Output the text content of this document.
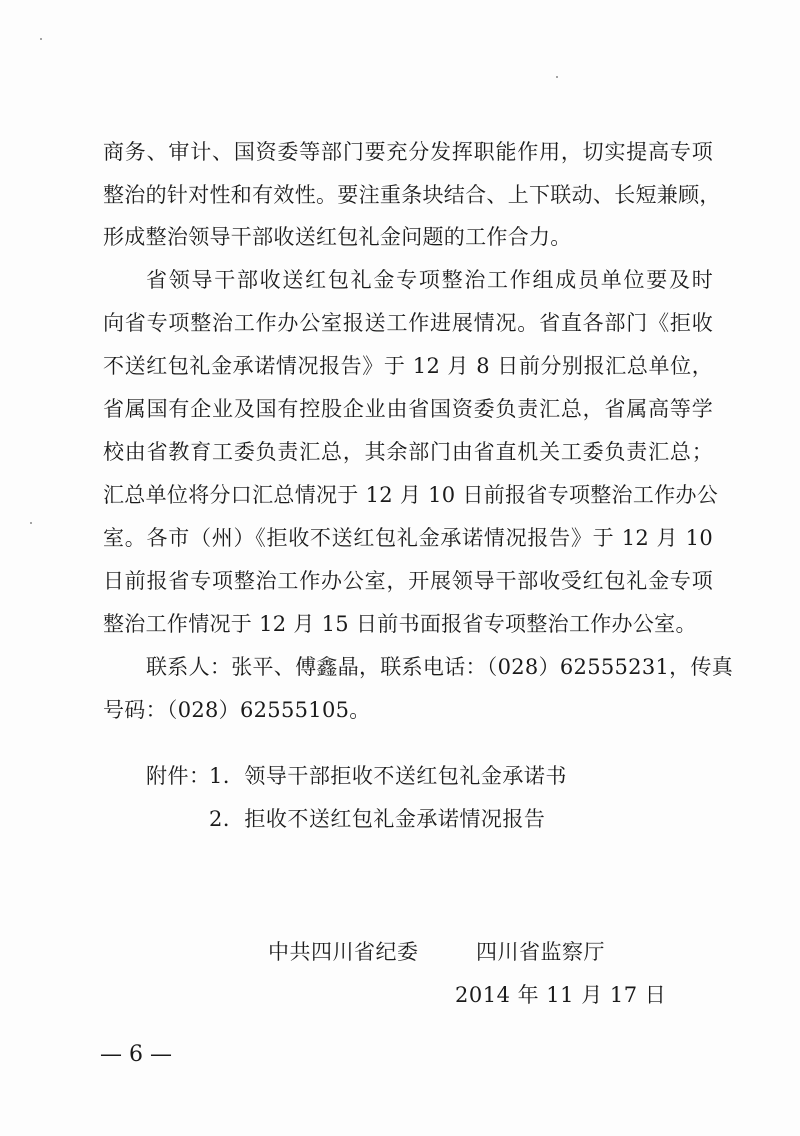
商务、审计、国资委等部门要充分发挥职能作用，切实提高专项
整治的针对性和有效性。要注重条块结合、上下联动、长短兼顾，
形成整治领导干部收送红包礼金问题的工作合力。
省领导干部收送红包礼金专项整治工作组成员单位要及时
向省专项整治工作办公室报送工作进展情况。省直各部门《拒收
不送红包礼金承诺情况报告》于 12 月 8 日前分别报汇总单位，
省属国有企业及国有控股企业由省国资委负责汇总，省属高等学
校由省教育工委负责汇总，其余部门由省直机关工委负责汇总；
汇总单位将分口汇总情况于 12 月 10 日前报省专项整治工作办公
室。各市（州）《拒收不送红包礼金承诺情况报告》于 12 月 10
日前报省专项整治工作办公室，开展领导干部收受红包礼金专项
整治工作情况于 12 月 15 日前书面报省专项整治工作办公室。
联系人：张平、傅鑫晶，联系电话：（028）62555231，传真
号码：（028）62555105。
附件：
1．领导干部拒收不送红包礼金承诺书
2．拒收不送红包礼金承诺情况报告
中共四川省纪委	四川省监察厅
2014 年 11 月 17 日
— 6 —
